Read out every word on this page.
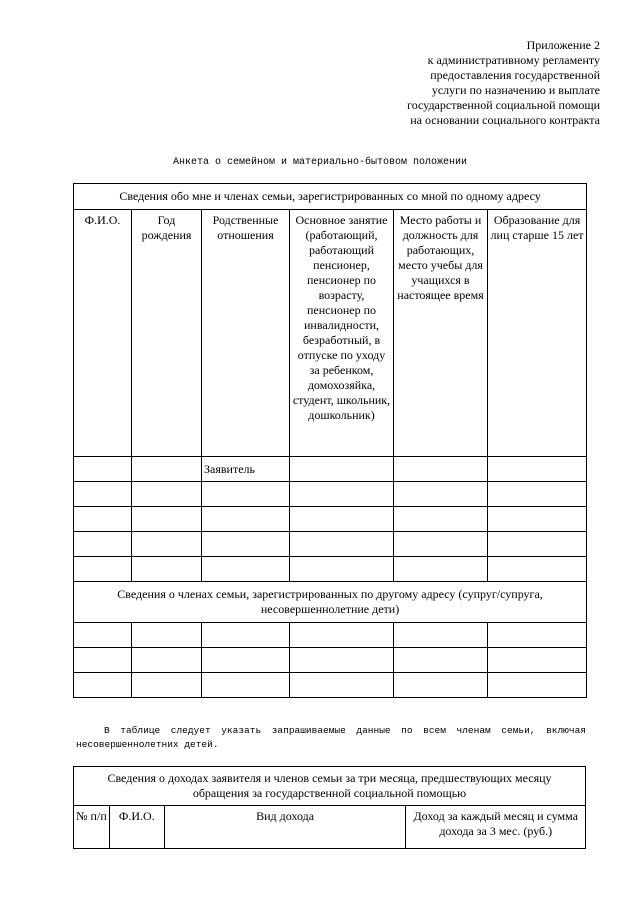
Приложение 2
к административному регламенту
предоставления государственной
услуги по назначению и выплате
государственной социальной помощи
на основании социального контракта
Анкета о семейном и материально-бытовом положении
Сведения обо мне и членах семьи, зарегистрированных со мной по одному адресу					
Ф.И.О.	Год рождения	Родственные отношения	Основное занятие (работающий, работающий пенсионер, пенсионер по возрасту, пенсионер по инвалидности, безработный, в отпуске по уходу за ребенком, домохозяйка, студент, школьник, дошкольник)	Место работы и должность для работающих, место учебы для учащихся в настоящее время	Образование для лиц старше 15 лет
		Заявитель			

Сведения о членах семьи, зарегистрированных по другому адресу (супруг/супруга, несовершеннолетние дети)					

В таблице следует указать запрашиваемые данные по всем членам семьи, включая несовершеннолетних детей.
Сведения о доходах заявителя и членов семьи за три месяца, предшествующих месяцу обращения за государственной социальной помощью
№ п/п	Ф.И.О.	Вид дохода	Доход за каждый месяц и сумма дохода за 3 мес. (руб.)
